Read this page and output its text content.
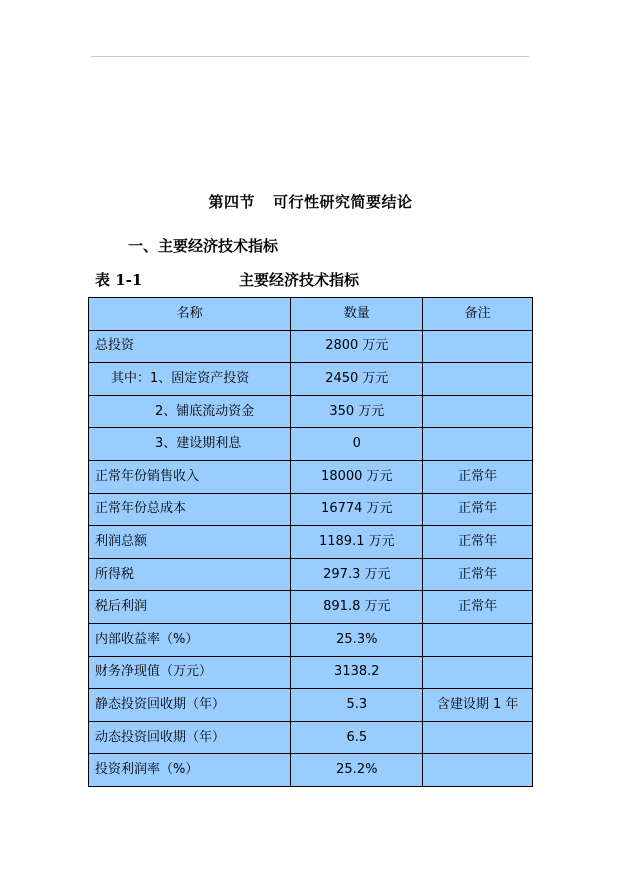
第四节 可行性研究简要结论
一、主要经济技术指标
表 1-1	主要经济技术指标
名称	数量	备注
总投资	2800 万元	
其中：1、固定资产投资	2450 万元	
2、铺底流动资金	350 万元	
3、建设期利息	0	
正常年份销售收入	18000 万元	正常年
正常年份总成本	16774 万元	正常年
利润总额	1189.1 万元	正常年
所得税	297.3 万元	正常年
税后利润	891.8 万元	正常年
内部收益率（%）	25.3%	
财务净现值（万元）	3138.2	
静态投资回收期（年）	5.3	含建设期 1 年
动态投资回收期（年）	6.5	
投资利润率（%）	25.2%	
